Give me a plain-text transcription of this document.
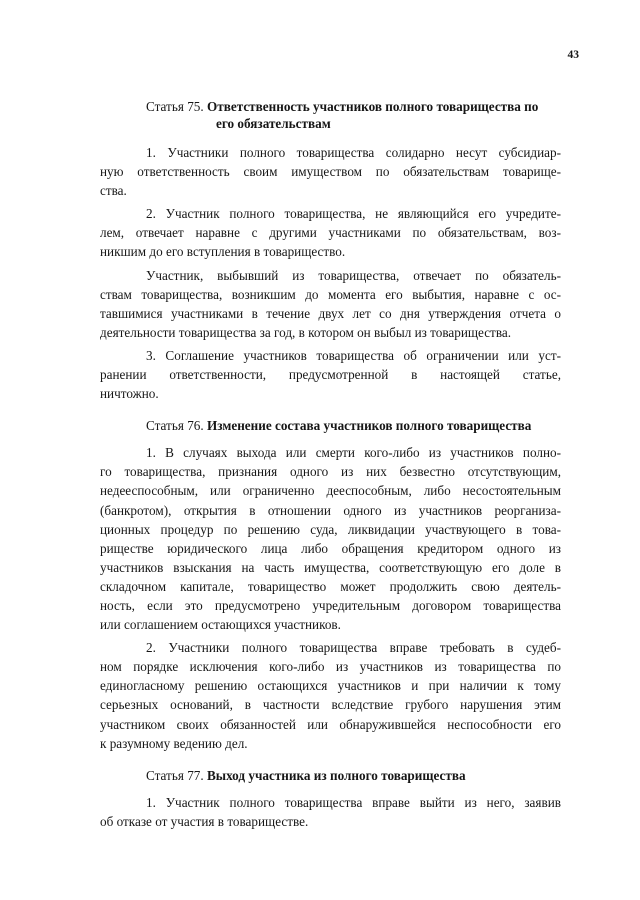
43
Статья 75. Ответственность участников полного товарищества по
его обязательствам

1. Участники полного товарищества солидарно несут субсидиар-
ную ответственность своим имуществом по обязательствам товарище-
ства.

2. Участник полного товарищества, не являющийся его учредите-
лем, отвечает наравне с другими участниками по обязательствам, воз-
никшим до его вступления в товарищество.

Участник, выбывший из товарищества, отвечает по обязатель-
ствам товарищества, возникшим до момента его выбытия, наравне с ос-
тавшимися участниками в течение двух лет со дня утверждения отчета о
деятельности товарищества за год, в котором он выбыл из товарищества.

3. Соглашение участников товарищества об ограничении или уст-
ранении ответственности, предусмотренной в настоящей статье,
ничтожно.

Статья 76. Изменение состава участников полного товарищества

1. В случаях выхода или смерти кого-либо из участников полно-
го товарищества, признания одного из них безвестно отсутствующим,
недееспособным, или ограниченно дееспособным, либо несостоятельным
(банкротом), открытия в отношении одного из участников реорганиза-
ционных процедур по решению суда, ликвидации участвующего в това-
риществе юридического лица либо обращения кредитором одного из
участников взыскания на часть имущества, соответствующую его доле в
складочном капитале, товарищество может продолжить свою деятель-
ность, если это предусмотрено учредительным договором товарищества
или соглашением остающихся участников.

2. Участники полного товарищества вправе требовать в судеб-
ном порядке исключения кого-либо из участников из товарищества по
единогласному решению остающихся участников и при наличии к тому
серьезных оснований, в частности вследствие грубого нарушения этим
участником своих обязанностей или обнаружившейся неспособности его
к разумному ведению дел.

Статья 77. Выход участника из полного товарищества

1. Участник полного товарищества вправе выйти из него, заявив
об отказе от участия в товариществе.
